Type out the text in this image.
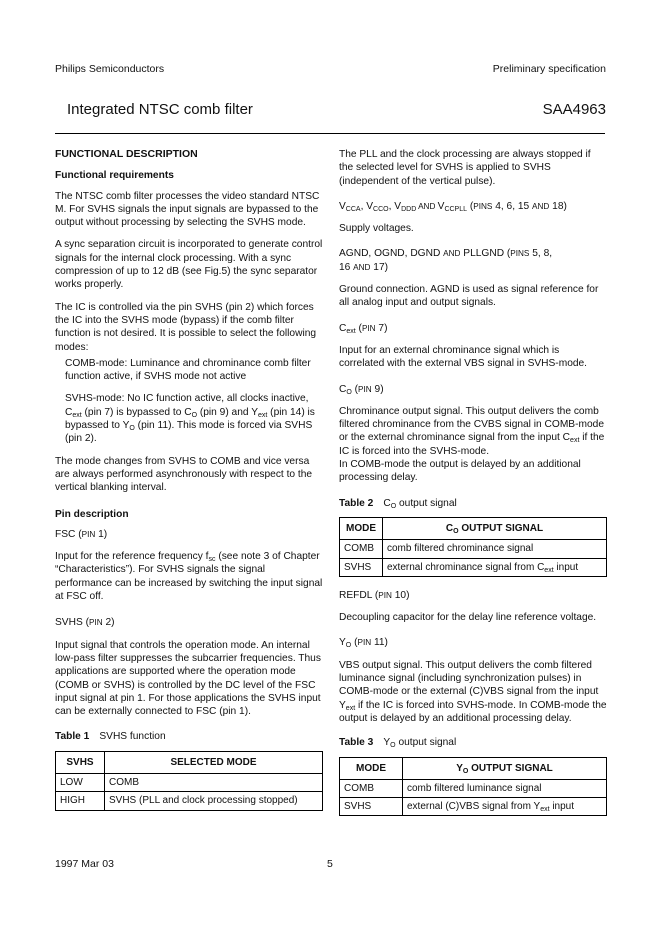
Philips Semiconductors	Preliminary specification
Integrated NTSC comb filter	SAA4963
FUNCTIONAL DESCRIPTION
Functional requirements

The NTSC comb filter processes the video standard NTSC M. For SVHS signals the input signals are bypassed to the output without processing by selecting the SVHS mode.

A sync separation circuit is incorporated to generate control signals for the internal clock processing. With a sync compression of up to 12 dB (see Fig.5) the sync separator works properly.

The IC is controlled via the pin SVHS (pin 2) which forces the IC into the SVHS mode (bypass) if the comb filter function is not desired. It is possible to select the following modes:

COMB-mode: Luminance and chrominance comb filter function active, if SVHS mode not active

SVHS-mode: No IC function active, all clocks inactive, $C_{ext}$ (pin 7) is bypassed to $C_O$ (pin 9) and $Y_{ext}$ (pin 14) is bypassed to $Y_O$ (pin 11). This mode is forced via SVHS (pin 2).

The mode changes from SVHS to COMB and vice versa are always performed asynchronously with respect to the vertical blanking interval.

Pin description

FSC (PIN 1)

Input for the reference frequency $f_{sc}$ (see note 3 of Chapter “Characteristics”). For SVHS signals the signal performance can be increased by switching the input signal at FSC off.

SVHS (PIN 2)

Input signal that controls the operation mode. An internal low-pass filter suppresses the subcarrier frequencies. Thus applications are supported where the operation mode (COMB or SVHS) is controlled by the DC level of the FSC input signal at pin 1. For those applications the SVHS input can be externally connected to FSC (pin 1).

Table 1 SVHS function
SVHS	SELECTED MODE
LOW	COMB
HIGH	SVHS (PLL and clock processing stopped)

The PLL and the clock processing are always stopped if the selected level for SVHS is applied to SVHS (independent of the vertical pulse).

$V_{CCA}$, $V_{CCO}$, $V_{DDD}$ AND $V_{CCPLL}$ (PINS 4, 6, 15 AND 18)

Supply voltages.

AGND, OGND, DGND AND PLLGND (PINS 5, 8,
16 AND 17)

Ground connection. AGND is used as signal reference for all analog input and output signals.

$C_{ext}$ (PIN 7)

Input for an external chrominance signal which is correlated with the external VBS signal in SVHS-mode.

$C_O$ (PIN 9)

Chrominance output signal. This output delivers the comb filtered chrominance from the CVBS signal in COMB-mode or the external chrominance signal from the input $C_{ext}$ if the IC is forced into the SVHS-mode.
In COMB-mode the output is delayed by an additional processing delay.

Table 2 $C_O$ output signal
MODE	$C_O$ OUTPUT SIGNAL
COMB	comb filtered chrominance signal
SVHS	external chrominance signal from $C_{ext}$ input

REFDL (PIN 10)

Decoupling capacitor for the delay line reference voltage.

$Y_O$ (PIN 11)

VBS output signal. This output delivers the comb filtered luminance signal (including synchronization pulses) in COMB-mode or the external (C)VBS signal from the input $Y_{ext}$ if the IC is forced into SVHS-mode. In COMB-mode the output is delayed by an additional processing delay.

Table 3 $Y_O$ output signal
MODE	$Y_O$ OUTPUT SIGNAL
COMB	comb filtered luminance signal
SVHS	external (C)VBS signal from $Y_{ext}$ input
1997 Mar 03	5
